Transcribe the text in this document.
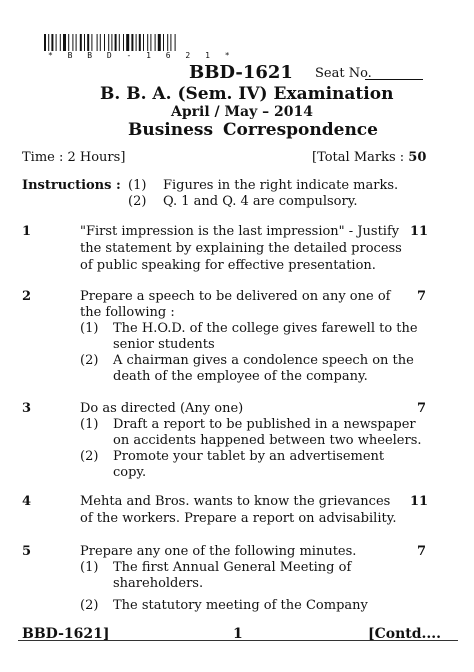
* B B D - 1 6 2 1 *
BBD-1621 Seat No.
B. B. A. (Sem. IV) Examination
April / May – 2014
Business Correspondence
Time : 2 Hours]	[Total Marks : 50
Instructions : (1) Figures in the right indicate marks.
(2) Q. 1 and Q. 4 are compulsory.
1	"First impression is the last impression" - Justify
the statement by explaining the detailed process
of public speaking for effective presentation.
11
2	Prepare a speech to be delivered on any one of
the following :
7
(1) The H.O.D. of the college gives farewell to the
senior students
(2) A chairman gives a condolence speech on the
death of the employee of the company.
3	Do as directed (Any one)	7
(1) Draft a report to be published in a newspaper
on accidents happened between two wheelers.
(2) Promote your tablet by an advertisement
copy.
4	Mehta and Bros. wants to know the grievances
of the workers. Prepare a report on advisability.
11
5	Prepare any one of the following minutes.	7
(1) The first Annual General Meeting of
shareholders.
(2) The statutory meeting of the Company
BBD-1621]	1	[Contd....
